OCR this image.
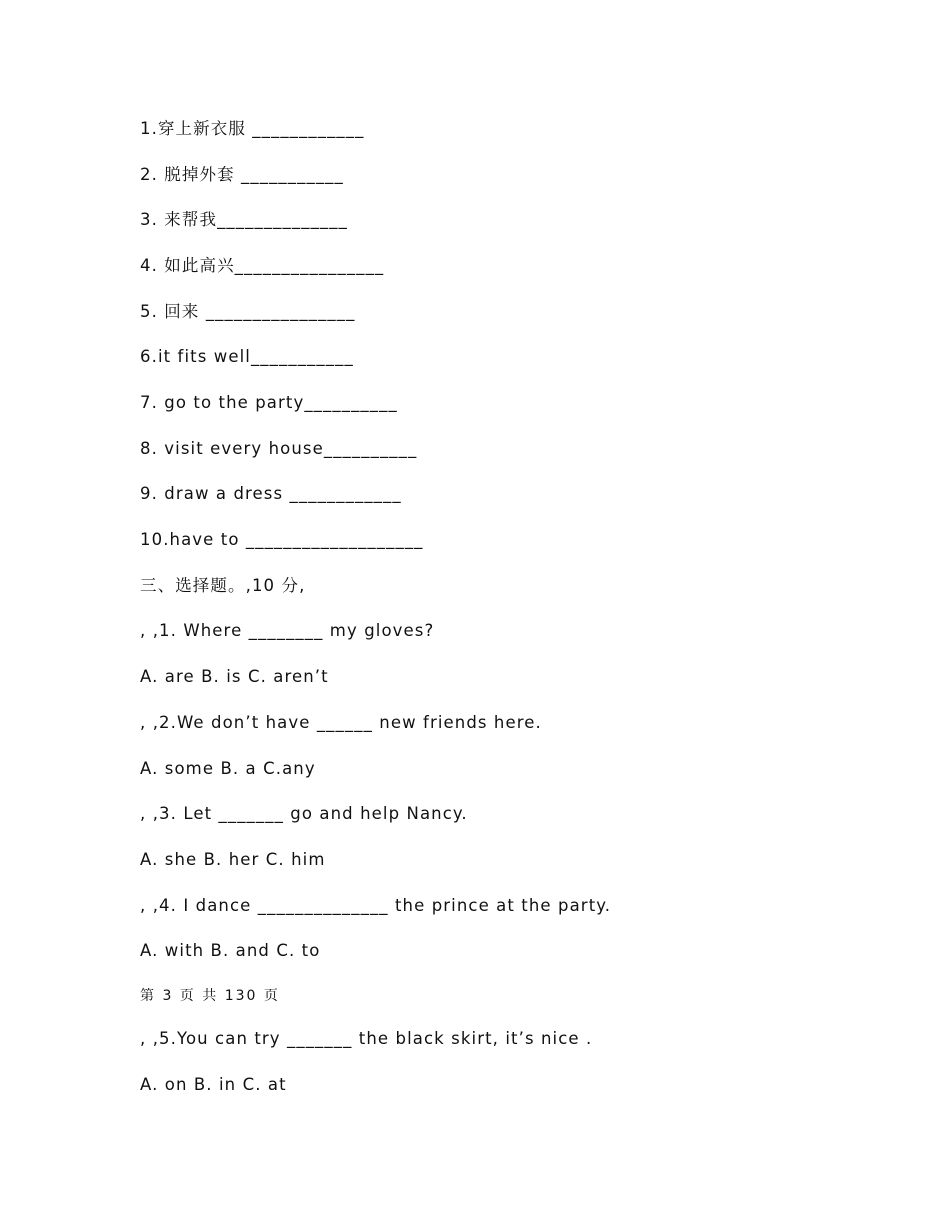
1.穿上新衣服 ____________
2. 脱掉外套 ___________
3. 来帮我______________
4. 如此高兴________________
5. 回来 ________________
6.it fits well___________
7. go to the party__________
8. visit every house__________
9. draw a dress ____________
10.have to ___________________
三、选择题。,10 分,
, ,1. Where ________ my gloves?
A. are B. is C. aren’t
, ,2.We don’t have ______ new friends here.
A. some B. a C.any
, ,3. Let _______ go and help Nancy.
A. she B. her C. him
, ,4. I dance ______________ the prince at the party.
A. with B. and C. to
第 3 页 共 130 页
, ,5.You can try _______ the black skirt, it’s nice .
A. on B. in C. at
